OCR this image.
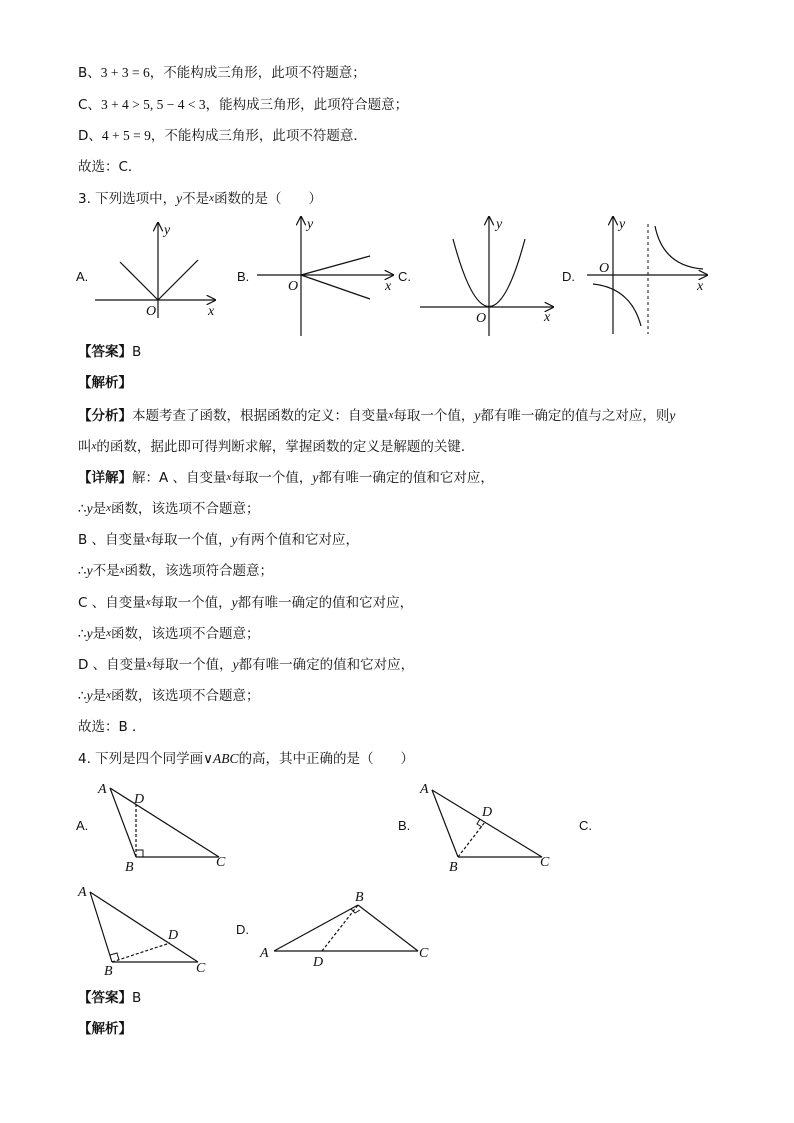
B、3 + 3 = 6，不能构成三角形，此项不符题意；
C、3 + 4 > 5, 5 − 4 < 3，能构成三角形，此项符合题意；
D、4 + 5 = 9，不能构成三角形，此项不符题意．
故选：C．
3. 下列选项中，y不是x函数的是（　　）
A.	B.	C.	D.
y
x
O
y
x
O
y
x
O
y
x
O
【答案】B
【解析】
【分析】本题考查了函数，根据函数的定义：自变量x每取一个值，y都有唯一确定的值与之对应，则y
叫x的函数，据此即可得判断求解，掌握函数的定义是解题的关键．
【详解】解：A 、自变量x每取一个值，y都有唯一确定的值和它对应，
∴y是x函数，该选项不合题意；
B 、自变量x每取一个值，y有两个值和它对应，
∴y不是x函数，该选项符合题意；
C 、自变量x每取一个值，y都有唯一确定的值和它对应，
∴y是x函数，该选项不合题意；
D 、自变量x每取一个值，y都有唯一确定的值和它对应，
∴y是x函数，该选项不合题意；
故选：B ．
4. 下列是四个同学画∨ABC的高，其中正确的是（　　）
A.	B.	C.
D.
A
D
B	C
A
D
B	C
A
D
B	C
B
A
D
C
【答案】B
【解析】
